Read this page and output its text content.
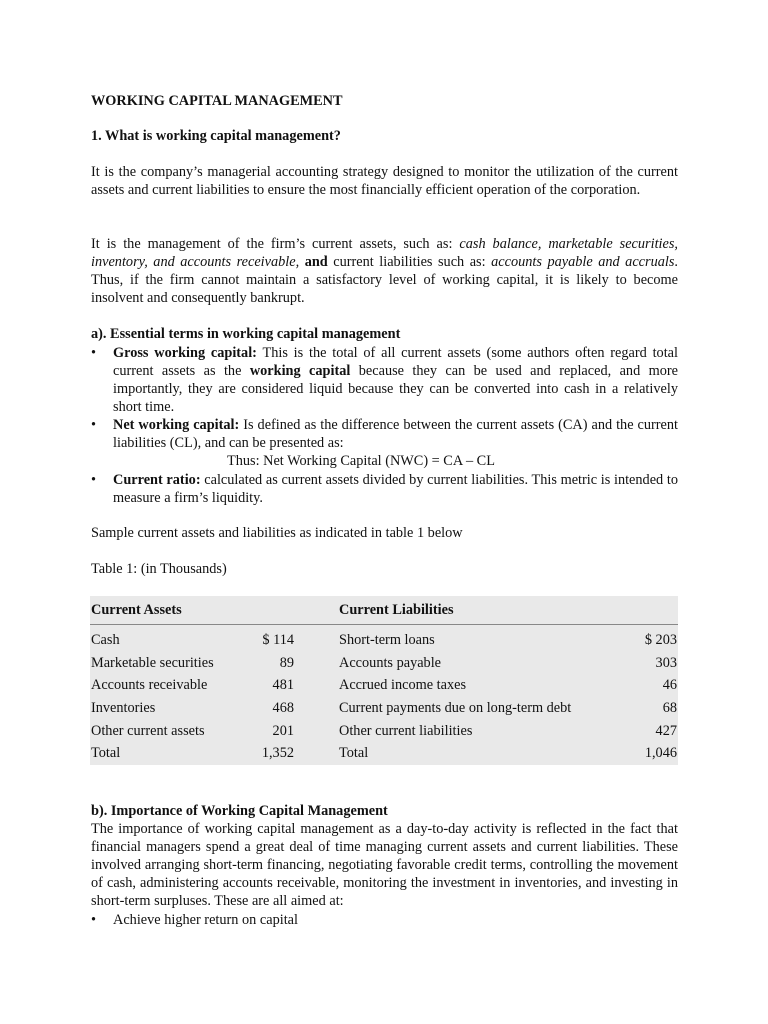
WORKING CAPITAL MANAGEMENT
1. What is working capital management?
It is the company’s managerial accounting strategy designed to monitor the utilization of the current assets and current liabilities to ensure the most financially efficient operation of the corporation.
It is the management of the firm’s current assets, such as: cash balance, marketable securities, inventory, and accounts receivable, and current liabilities such as: accounts payable and accruals. Thus, if the firm cannot maintain a satisfactory level of working capital, it is likely to become insolvent and consequently bankrupt.
a). Essential terms in working capital management
• Gross working capital: This is the total of all current assets (some authors often regard total current assets as the working capital because they can be used and replaced, and more importantly, they are considered liquid because they can be converted into cash in a relatively short time.
• Net working capital: Is defined as the difference between the current assets (CA) and the current liabilities (CL), and can be presented as:
Thus: Net Working Capital (NWC) = CA – CL
• Current ratio: calculated as current assets divided by current liabilities. This metric is intended to measure a firm’s liquidity.
Sample current assets and liabilities as indicated in table 1 below
Table 1: (in Thousands)
Current Assets			Current Liabilities	
Cash	$ 114		Short-term loans	$ 203
Marketable securities	89		Accounts payable	303
Accounts receivable	481		Accrued income taxes	46
Inventories	468		Current payments due on long-term debt	68
Other current assets	201		Other current liabilities	427
Total	1,352		Total	1,046
b). Importance of Working Capital Management
The importance of working capital management as a day-to-day activity is reflected in the fact that financial managers spend a great deal of time managing current assets and current liabilities. These involved arranging short-term financing, negotiating favorable credit terms, controlling the movement of cash, administering accounts receivable, monitoring the investment in inventories, and investing in short-term surpluses. These are all aimed at:
• Achieve higher return on capital
